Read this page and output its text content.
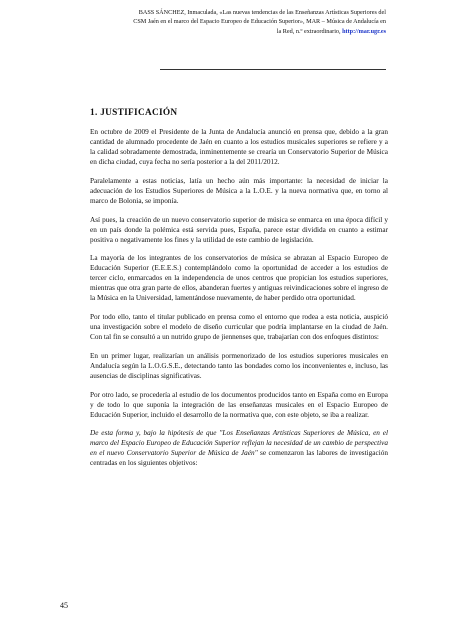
BASS SÁNCHEZ, Inmaculada, «Las nuevas tendencias de las Enseñanzas Artísticas Superiores del
CSM Jaén en el marco del Espacio Europeo de Educación Superior», MAR – Música de Andalucía en
la Red, n.º extraordinario, http://mar.ugr.es
1. JUSTIFICACIÓN

En octubre de 2009 el Presidente de la Junta de Andalucía anunció en prensa que, debido a la gran cantidad de alumnado procedente de Jaén en cuanto a los estudios musicales superiores se refiere y a la calidad sobradamente demostrada, inminentemente se crearía un Conservatorio Superior de Música en dicha ciudad, cuya fecha no sería posterior a la del 2011/2012.

Paralelamente a estas noticias, latía un hecho aún más importante: la necesidad de iniciar la adecuación de los Estudios Superiores de Música a la L.O.E. y la nueva normativa que, en torno al marco de Bolonia, se imponía.

Así pues, la creación de un nuevo conservatorio superior de música se enmarca en una época difícil y en un país donde la polémica está servida pues, España, parece estar dividida en cuanto a estimar positiva o negativamente los fines y la utilidad de este cambio de legislación.

La mayoría de los integrantes de los conservatorios de música se abrazan al Espacio Europeo de Educación Superior (E.E.E.S.) contemplándolo como la oportunidad de acceder a los estudios de tercer ciclo, enmarcados en la independencia de unos centros que propician los estudios superiores, mientras que otra gran parte de ellos, abanderan fuertes y antiguas reivindicaciones sobre el ingreso de la Música en la Universidad, lamentándose nuevamente, de haber perdido otra oportunidad.

Por todo ello, tanto el titular publicado en prensa como el entorno que rodea a esta noticia, auspició una investigación sobre el modelo de diseño curricular que podría implantarse en la ciudad de Jaén. Con tal fin se consultó a un nutrido grupo de jiennenses que, trabajarían con dos enfoques distintos:

En un primer lugar, realizarían un análisis pormenorizado de los estudios superiores musicales en Andalucía según la L.O.G.S.E., detectando tanto las bondades como los inconvenientes e, incluso, las ausencias de disciplinas significativas.

Por otro lado, se procedería al estudio de los documentos producidos tanto en España como en Europa y de todo lo que suponía la integración de las enseñanzas musicales en el Espacio Europeo de Educación Superior, incluido el desarrollo de la normativa que, con este objeto, se iba a realizar.

De esta forma y, bajo la hipótesis de que "Los Enseñanzas Artísticas Superiores de Música, en el marco del Espacio Europeo de Educación Superior reflejan la necesidad de un cambio de perspectiva en el nuevo Conservatorio Superior de Música de Jaén" se comenzaron las labores de investigación centradas en los siguientes objetivos:

45
